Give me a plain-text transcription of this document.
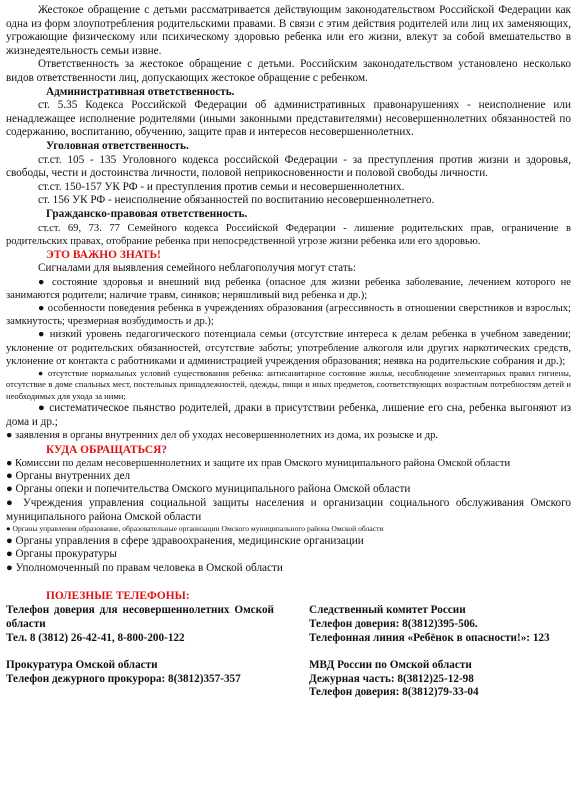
Жестокое обращение с детьми рассматривается действующим законодательством Российской Федерации как одна из форм злоупотребления родительскими правами. В связи с этим действия родителей или лиц их заменяющих, угрожающие физическому или психическому здоровью ребенка или его жизни, влекут за собой вмешательство в жизнедеятельность семьи извне.

Ответственность за жестокое обращение с детьми. Российским законодательством установлено несколько видов ответственности лиц, допускающих жестокое обращение с ребенком.

Административная ответственность.

ст. 5.35 Кодекса Российской Федерации об административных правонарушениях - неисполнение или ненадлежащее исполнение родителями (иными законными представителями) несовершеннолетних обязанностей по содержанию, воспитанию, обучению, защите прав и интересов несовершеннолетних.

Уголовная ответственность.

ст.ст. 105 - 135 Уголовного кодекса российской Федерации - за преступления против жизни и здоровья, свободы, чести и достоинства личности, половой неприкосновенности и половой свободы личности.

ст.ст. 150-157 УК РФ - и преступления против семьи и несовершеннолетних.

ст. 156 УК РФ - неисполнение обязанностей по воспитанию несовершеннолетнего.

Гражданско-правовая ответственность.

ст.ст. 69, 73. 77 Семейного кодекса Российской Федерации - лишение родительских прав, ограничение в родительских правах, отобрание ребенка при непосредственной угрозе жизни ребенка или его здоровью.

ЭТО ВАЖНО ЗНАТЬ!

Сигналами для выявления семейного неблагополучия могут стать:

● состояние здоровья и внешний вид ребенка (опасное для жизни ребенка заболевание, лечением которого не занимаются родители; наличие травм, синяков; неряшливый вид ребенка и др.);

● особенности поведения ребенка в учреждениях образования (агрессивность в отношении сверстников и взрослых; замкнутость; чрезмерная возбудимость и др.);

● низкий уровень педагогического потенциала семьи (отсутствие интереса к делам ребенка в учебном заведении; уклонение от родительских обязанностей, отсутствие заботы; употребление алкоголя или других наркотических средств, уклонение от контакта с работниками и администрацией учреждения образования; неявка на родительские собрания и др.);

● отсутствие нормальных условий существования ребенка: антисанитарное состояние жилья, несоблюдение элементарных правил гигиены, отсутствие в доме спальных мест, постельных принадлежностей, одежды, пищи и иных предметов, соответствующих возрастным потребностям детей и необходимых для ухода за ними;

● систематическое пьянство родителей, драки в присутствии ребенка, лишение его сна, ребенка выгоняют из дома и др.;

● заявления в органы внутренних дел об уходах несовершеннолетних из дома, их розыске и др.

КУДА ОБРАЩАТЬСЯ?

● Комиссии по делам несовершеннолетних и защите их прав Омского муниципального района Омской области

● Органы внутренних дел

● Органы опеки и попечительства Омского муниципального района Омской области

● Учреждения управления социальной защиты населения и организации социального обслуживания Омского муниципального района Омской области

● Органы управления образование, образовательные организации Омского муниципального района Омской области

● Органы управления в сфере здравоохранения, медицинские организации

● Органы прокуратуры

● Уполномоченный по правам человека в Омской области

ПОЛЕЗНЫЕ ТЕЛЕФОНЫ:

Телефон доверия для несовершеннолетних Омской области

Тел. 8 (3812) 26-42-41, 8-800-200-122

Прокуратура Омской области

Телефон дежурного прокурора: 8(3812)357-357

Следственный комитет России

Телефон доверия: 8(3812)395-506.

Телефонная линия «Ребёнок в опасности!»: 123

МВД России по Омской области

Дежурная часть: 8(3812)25-12-98

Телефон доверия: 8(3812)79-33-04
